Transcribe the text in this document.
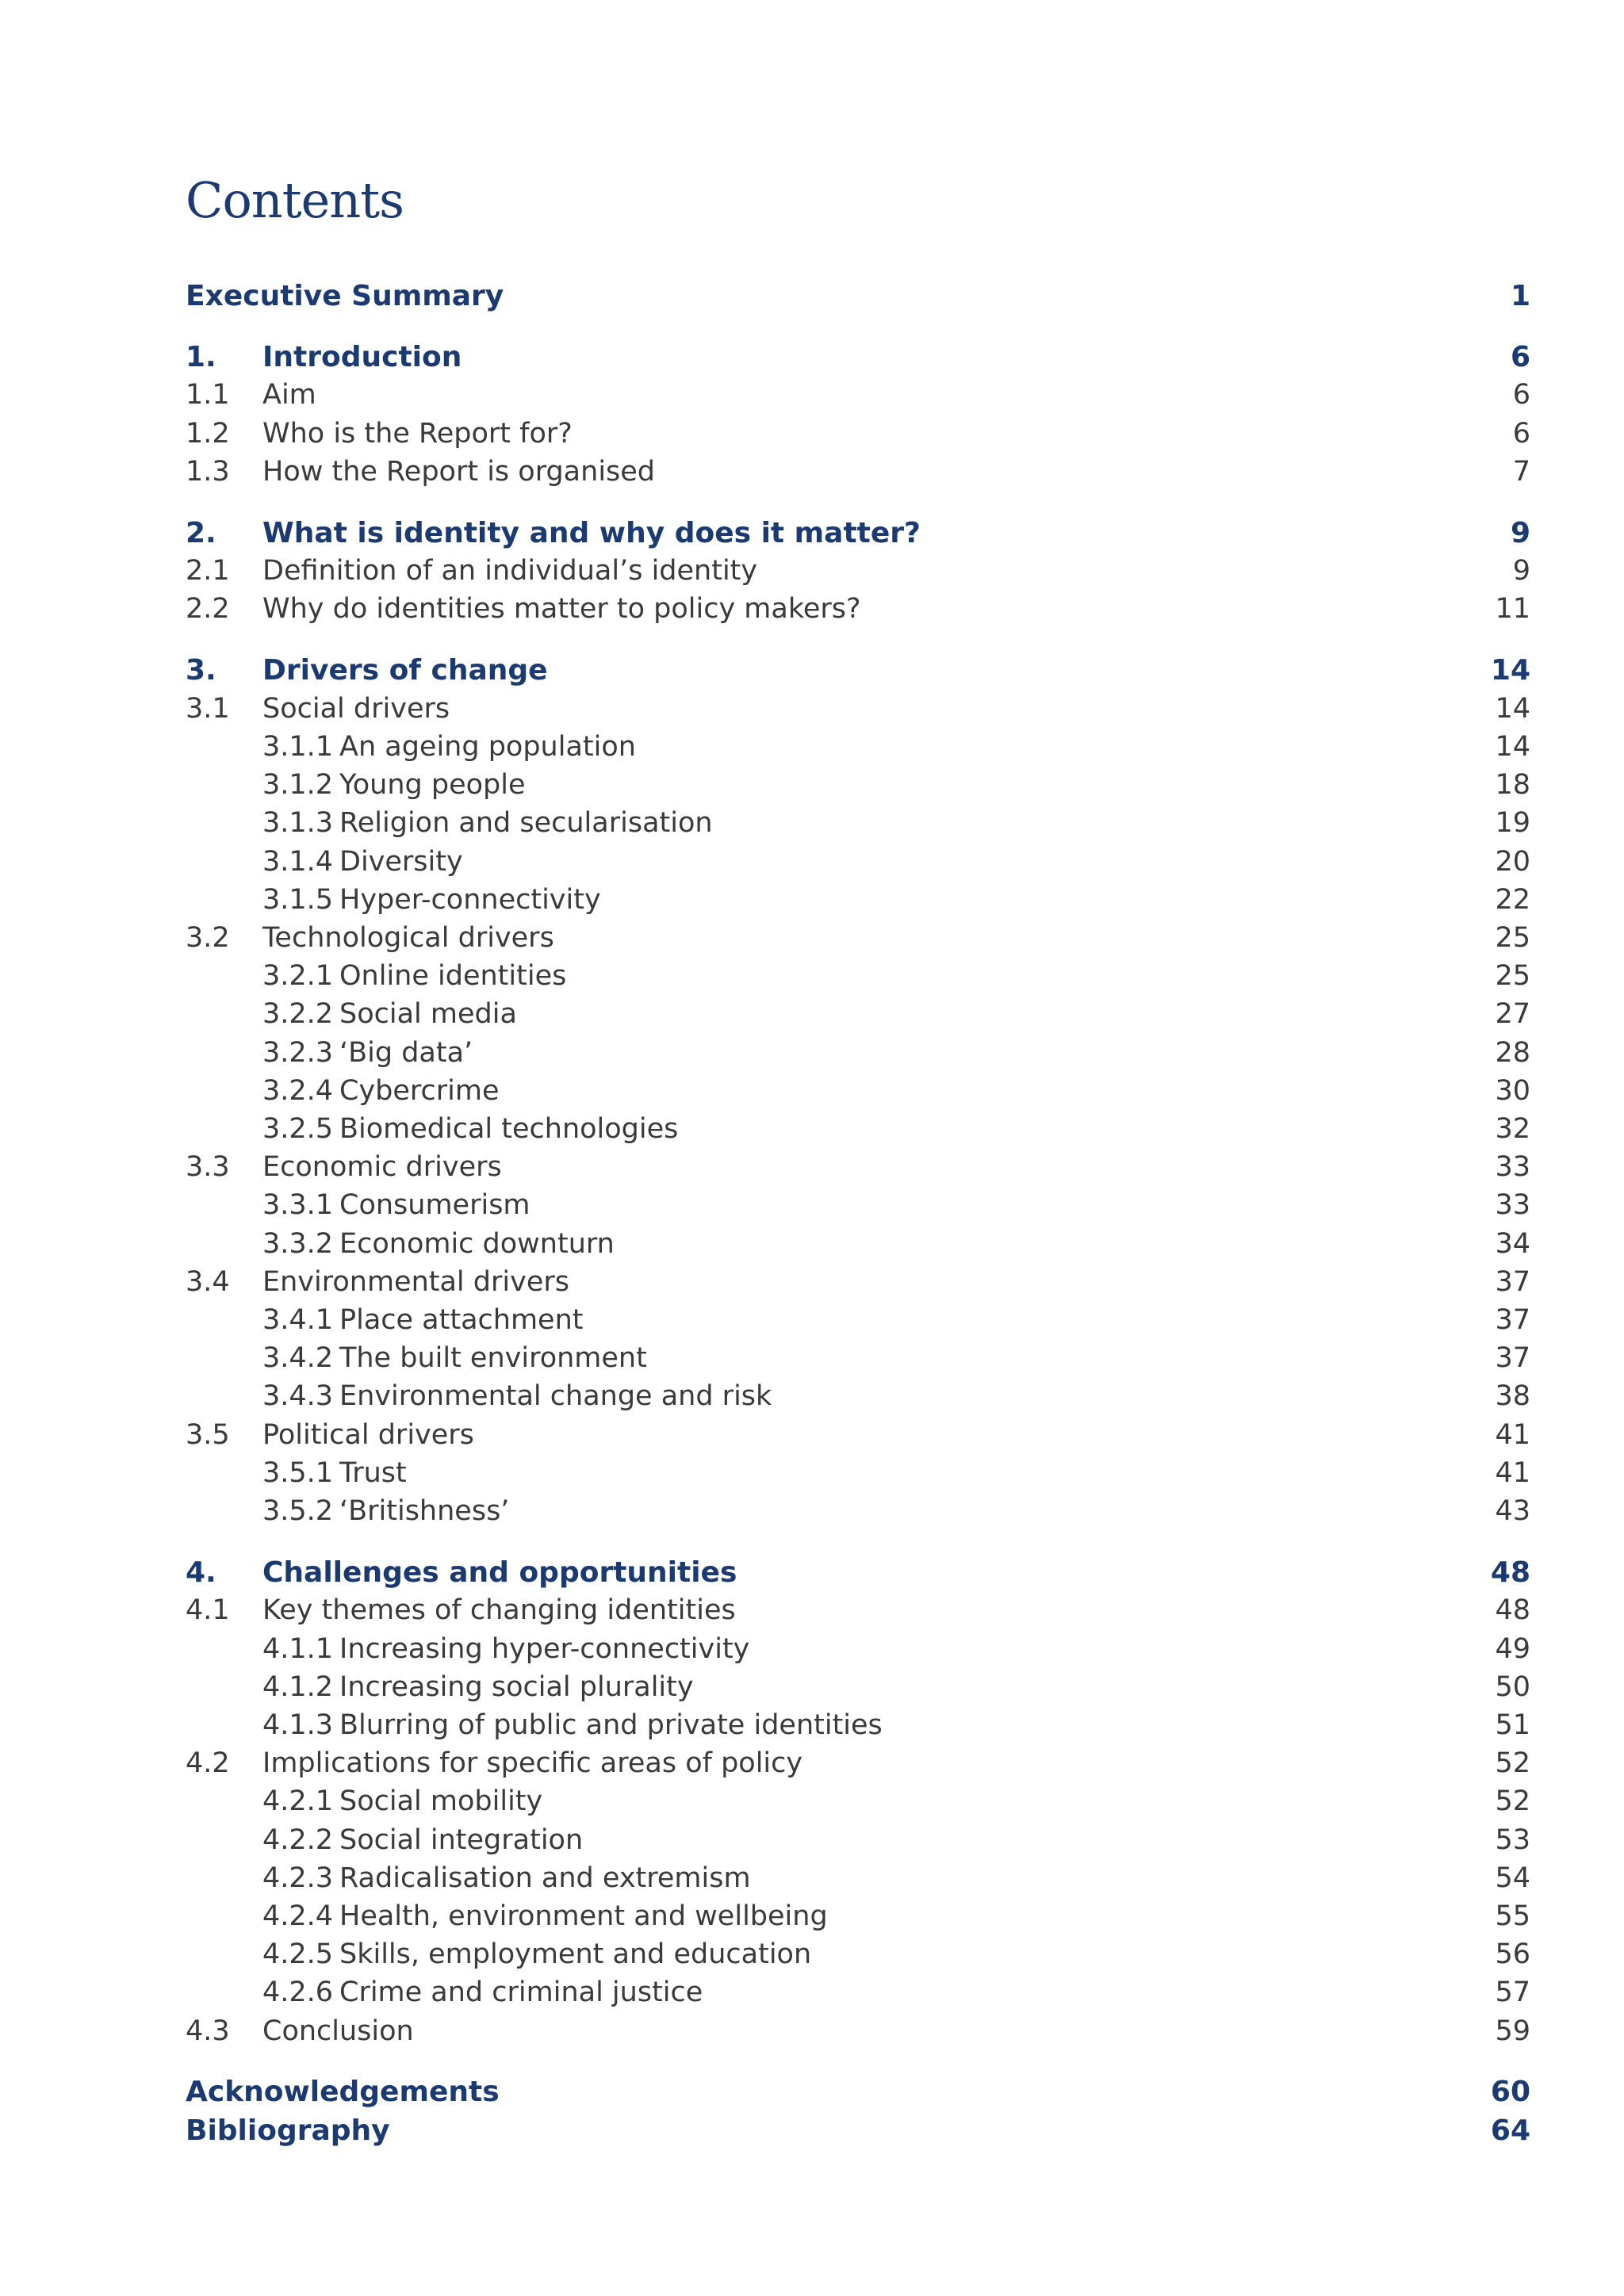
Contents
Executive Summary	1
1.	Introduction	6
1.1	Aim	6
1.2	Who is the Report for?	6
1.3	How the Report is organised	7
2.	What is identity and why does it matter?	9
2.1	Definition of an individual’s identity	9
2.2	Why do identities matter to policy makers?	11
3.	Drivers of change	14
3.1	Social drivers	14
3.1.1 An ageing population	14
3.1.2 Young people	18
3.1.3 Religion and secularisation	19
3.1.4 Diversity	20
3.1.5 Hyper-connectivity	22
3.2	Technological drivers	25
3.2.1 Online identities	25
3.2.2 Social media	27
3.2.3 ‘Big data’	28
3.2.4 Cybercrime	30
3.2.5 Biomedical technologies	32
3.3	Economic drivers	33
3.3.1 Consumerism	33
3.3.2 Economic downturn	34
3.4	Environmental drivers	37
3.4.1 Place attachment	37
3.4.2 The built environment	37
3.4.3 Environmental change and risk	38
3.5	Political drivers	41
3.5.1 Trust	41
3.5.2 ‘Britishness’	43
4.	Challenges and opportunities	48
4.1	Key themes of changing identities	48
4.1.1 Increasing hyper-connectivity	49
4.1.2 Increasing social plurality	50
4.1.3 Blurring of public and private identities	51
4.2	Implications for specific areas of policy	52
4.2.1 Social mobility	52
4.2.2 Social integration	53
4.2.3 Radicalisation and extremism	54
4.2.4 Health, environment and wellbeing	55
4.2.5 Skills, employment and education	56
4.2.6 Crime and criminal justice	57
4.3	Conclusion	59
Acknowledgements	60
Bibliography	64
